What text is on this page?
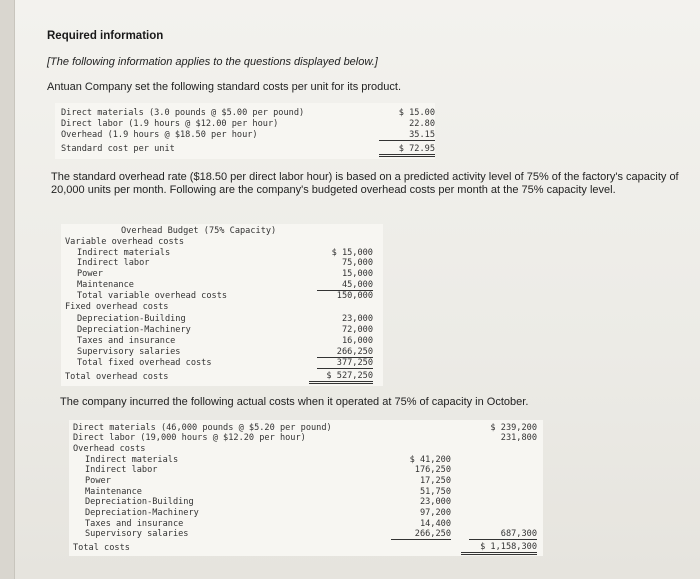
Required information
[The following information applies to the questions displayed below.]
Antuan Company set the following standard costs per unit for its product.
Direct materials (3.0 pounds @ $5.00 per pound)	$ 15.00
Direct labor (1.9 hours @ $12.00 per hour)	22.80
Overhead (1.9 hours @ $18.50 per hour)	35.15
Standard cost per unit	$ 72.95
The standard overhead rate ($18.50 per direct labor hour) is based on a predicted activity level of 75% of the factory's capacity of 20,000 units per month. Following are the company's budgeted overhead costs per month at the 75% capacity level.
Overhead Budget (75% Capacity)
Variable overhead costs
Indirect materials	$ 15,000
Indirect labor	75,000
Power	15,000
Maintenance	45,000
Total variable overhead costs	150,000
Fixed overhead costs
Depreciation-Building	23,000
Depreciation-Machinery	72,000
Taxes and insurance	16,000
Supervisory salaries	266,250
Total fixed overhead costs	377,250
Total overhead costs	$ 527,250
The company incurred the following actual costs when it operated at 75% of capacity in October.
Direct materials (46,000 pounds @ $5.20 per pound)	$ 239,200
Direct labor (19,000 hours @ $12.20 per hour)	231,800
Overhead costs
Indirect materials	$ 41,200
Indirect labor	176,250
Power	17,250
Maintenance	51,750
Depreciation-Building	23,000
Depreciation-Machinery	97,200
Taxes and insurance	14,400
Supervisory salaries	266,250	687,300
Total costs	$ 1,158,300
